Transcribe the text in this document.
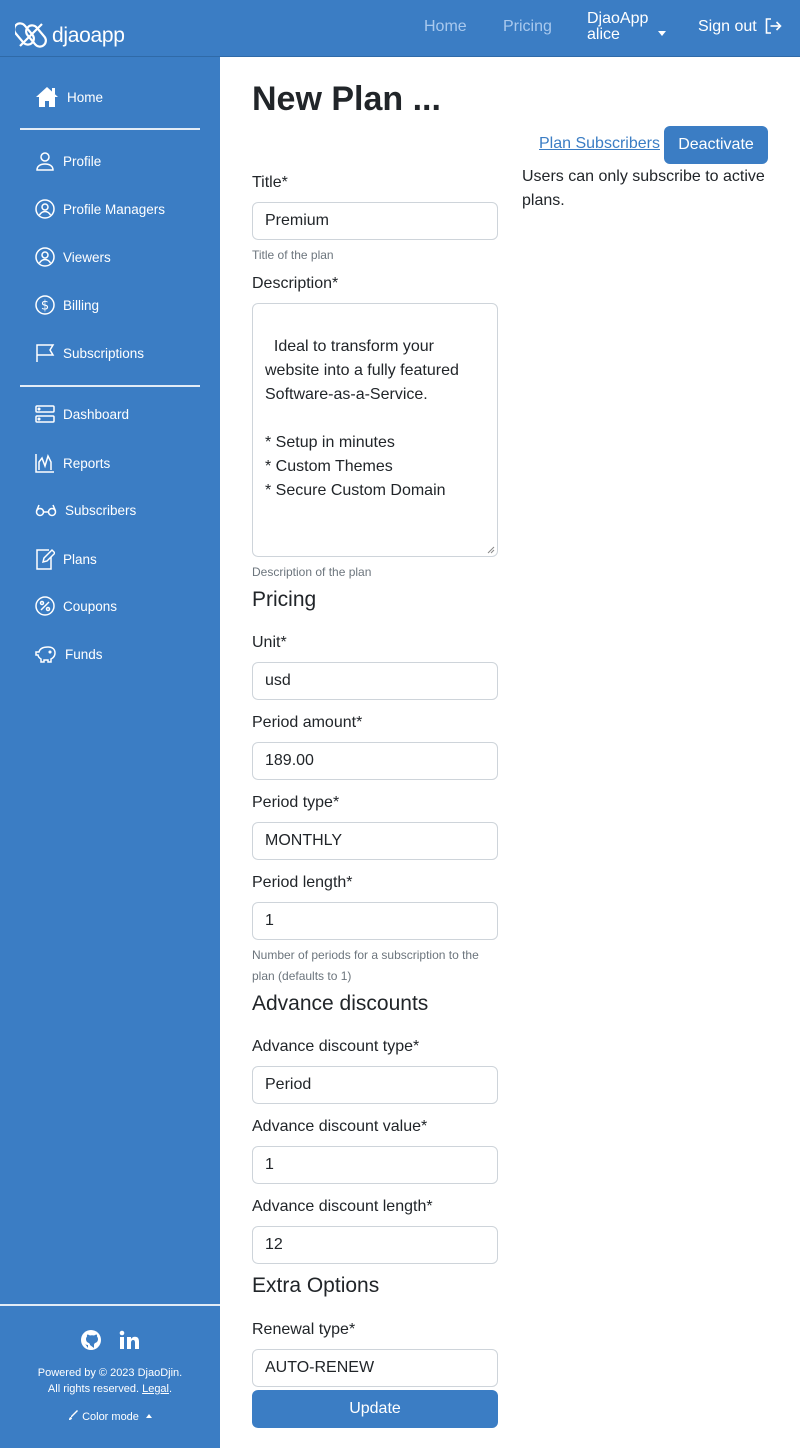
djaoapp	Home Pricing DjaoApp
alice	Sign out
Home
Profile
Profile Managers
Viewers
$ Billing
Subscriptions
Dashboard
Reports
Subscribers
Plans
Coupons
Funds
Powered by © 2023 DjaoDjin.
All rights reserved. Legal.
Color mode
New Plan ...
Plan Subscribers	Deactivate
Users can only subscribe to active plans.
Title*
Premium
Title of the plan
Description*

Ideal to transform your website into a fully featured Software-as-a-Service.

* Setup in minutes
* Custom Themes
* Secure Custom Domain

Description of the plan
Pricing
Unit*
usd
Period amount*
189.00
Period type*
MONTHLY
Period length*
1
Number of periods for a subscription to the plan (defaults to 1)
Advance discounts
Advance discount type*
Period
Advance discount value*
1
Advance discount length*
12
Extra Options
Renewal type*
AUTO-RENEW
Update
